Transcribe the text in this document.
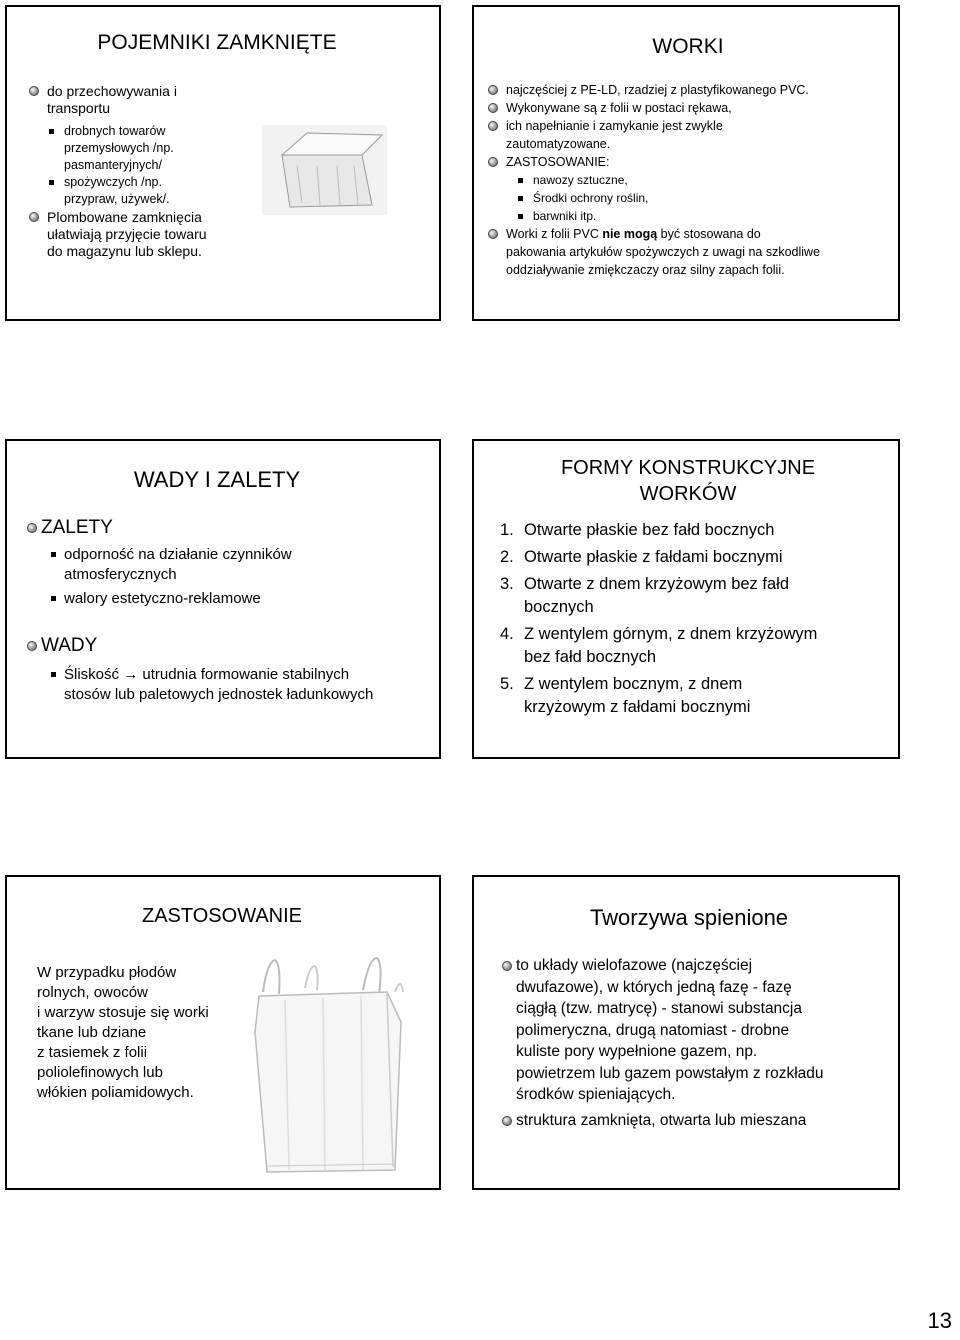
POJEMNIKI ZAMKNIĘTE
do przechowywania i transportu
drobnych towarów przemysłowych /np. pasmanteryjnych/
spożywczych /np. przypraw, używek/.
Plombowane zamknięcia ułatwiają przyjęcie towaru do magazynu lub sklepu.
WORKI
najczęściej z PE-LD, rzadziej z plastyfikowanego PVC.
Wykonywane są z folii w postaci rękawa,
ich napełnianie i zamykanie jest zwykle
zautomatyzowane.
ZASTOSOWANIE:
nawozy sztuczne,
Środki ochrony roślin,
barwniki itp.
Worki z folii PVC nie mogą być stosowana do
pakowania artykułów spożywczych z uwagi na szkodliwe
oddziaływanie zmiękczaczy oraz silny zapach folii.
WADY I ZALETY
ZALETY
odporność na działanie czynników atmosferycznych
walory estetyczno-reklamowe
WADY
Śliskość → utrudnia formowanie stabilnych stosów lub paletowych jednostek ładunkowych
FORMY KONSTRUKCYJNE
WORKÓW
1. Otwarte płaskie bez fałd bocznych
2. Otwarte płaskie z fałdami bocznymi
3. Otwarte z dnem krzyżowym bez fałd
bocznych
4. Z wentylem górnym, z dnem krzyżowym
bez fałd bocznych
5. Z wentylem bocznym, z dnem
krzyżowym z fałdami bocznymi
ZASTOSOWANIE
W przypadku płodów
rolnych, owoców
i warzyw stosuje się worki
tkane lub dziane
z tasiemek z folii
poliolefinowych lub
włókien poliamidowych.
Tworzywa spienione
to układy wielofazowe (najczęściej
dwufazowe), w których jedną fazę - fazę
ciągłą (tzw. matrycę) - stanowi substancja
polimeryczna, drugą natomiast - drobne
kuliste pory wypełnione gazem, np.
powietrzem lub gazem powstałym z rozkładu
środków spieniających.
struktura zamknięta, otwarta lub mieszana
13
